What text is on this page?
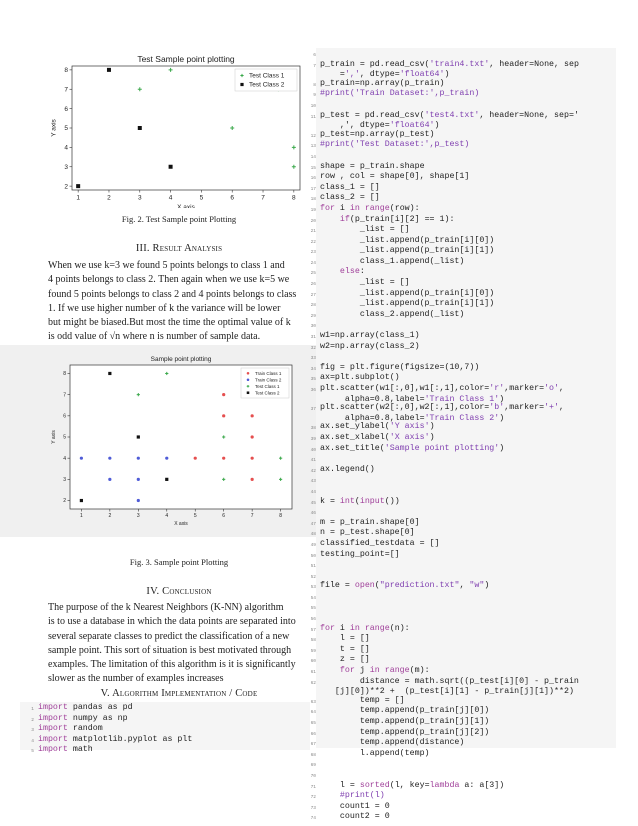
Test Sample point plotting
1	2	3	4	5	6	7	8
2
3
4
5
6
7
8
X axis
Y axis
Test Class 1
Test Class 2
Fig. 2. Test Sample point Plotting
III. Result Analysis
When we use k=3 we found 5 points belongs to class 1 and
4 points belongs to class 2. Then again when we use k=5 we
found 5 points belongs to class 2 and 4 points belongs to class
1. If we use higher number of k the variance will be lower
but might be biased.But most the time the optimal value of k
is odd value of √n where n is number of sample data.
Sample point plotting
1	2	3	4	5	6	7	8
2
3
4
5
6
7
8
X axis
Y axis
Train Class 1
Train Class 2
Test Class 1
Test Class 2
Fig. 3. Sample point Plotting
IV. Conclusion
The purpose of the k Nearest Neighbors (K-NN) algorithm
is to use a database in which the data points are separated into
several separate classes to predict the classification of a new
sample point. This sort of situation is best motivated through
examples. The limitation of this algorithm is it is significantly
slower as the number of examples increases
V. Algorithm Implementation / Code
1 import pandas as pd
2 import numpy as np
3 import random
4 import matplotlib.pyplot as plt
5 import math
6

7 p_train = pd.read_csv('train4.txt', header=None, sep
=',', dtype='float64')
8 p_train=np.array(p_train)
9 #print('Train Dataset:',p_train)
10

11 p_test = pd.read_csv('test4.txt', header=None, sep='
,', dtype='float64')
12 p_test=np.array(p_test)
13 #print('Test Dataset:',p_test)
14

15 shape = p_train.shape
16 row , col = shape[0], shape[1]
17 class_1 = []
18 class_2 = []
19 for i in range(row):
20	if(p_train[i][2] == 1):
21 _list = []
22 _list.append(p_train[i][0])
23 _list.append(p_train[i][1])
24 class_1.append(_list)
25	else:
26 _list = []
27 _list.append(p_train[i][0])
28 _list.append(p_train[i][1])
29 class_2.append(_list)
30

31 w1=np.array(class_1)
32 w2=np.array(class_2)
33

34 fig = plt.figure(figsize=(10,7))
35 ax=plt.subplot()
36 plt.scatter(w1[:,0],w1[:,1],color='r',marker='o',
alpha=0.8,label='Train Class 1')
37 plt.scatter(w2[:,0],w2[:,1],color='b',marker='+',
alpha=0.8,label='Train Class 2')
38 ax.set_ylabel('Y axis')
39 ax.set_xlabel('X axis')
40 ax.set_title('Sample point plotting')
41

42 ax.legend()
43

44

45 k = int(input())
46

47 m = p_train.shape[0]
48 n = p_test.shape[0]
49 classified_testdata = []
50 testing_point=[]
51

52

53 file = open("prediction.txt", "w")
54

55

56

57 for i in range(n):
58 l = []
59 t = []
60 z = []
61	for j in range(m):
62 distance = math.sqrt((p_test[i][0] - p_train
[j][0])**2 +  (p_test[i][1] - p_train[j][1])**2)
63 temp = []
64 temp.append(p_train[j][0])
65 temp.append(p_train[j][1])
66 temp.append(p_train[j][2])
67 temp.append(distance)
68 l.append(temp)
69

70

71 l = sorted(l, key=lambda a: a[3])
72 #print(l)
73 count1 = 0
74 count2 = 0
